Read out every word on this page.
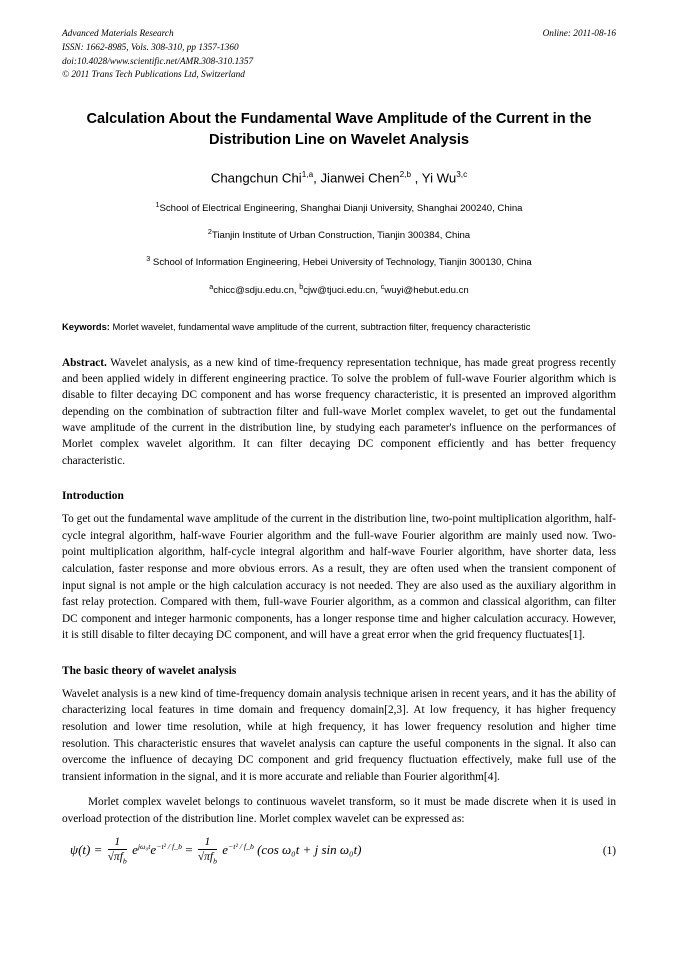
Advanced Materials Research
ISSN: 1662-8985, Vols. 308-310, pp 1357-1360
doi:10.4028/www.scientific.net/AMR.308-310.1357
© 2011 Trans Tech Publications Ltd, Switzerland
Online: 2011-08-16
Calculation About the Fundamental Wave Amplitude of the Current in the Distribution Line on Wavelet Analysis
Changchun Chi$^{1,a}$, Jianwei Chen$^{2,b}$ , Yi Wu$^{3,c}$
$^1$School of Electrical Engineering, Shanghai Dianji University, Shanghai 200240, China
$^2$Tianjin Institute of Urban Construction, Tianjin 300384, China
$^3$ School of Information Engineering, Hebei University of Technology, Tianjin 300130, China
$^a$chicc@sdju.edu.cn, $^b$cjw@tjuci.edu.cn, $^c$wuyi@hebut.edu.cn
Keywords: Morlet wavelet, fundamental wave amplitude of the current, subtraction filter, frequency characteristic
Abstract. Wavelet analysis, as a new kind of time-frequency representation technique, has made great progress recently and been applied widely in different engineering practice. To solve the problem of full-wave Fourier algorithm which is disable to filter decaying DC component and has worse frequency characteristic, it is presented an improved algorithm depending on the combination of subtraction filter and full-wave Morlet complex wavelet, to get out the fundamental wave amplitude of the current in the distribution line, by studying each parameter's influence on the performances of Morlet complex wavelet algorithm. It can filter decaying DC component efficiently and has better frequency characteristic.
Introduction
To get out the fundamental wave amplitude of the current in the distribution line, two-point multiplication algorithm, half-cycle integral algorithm, half-wave Fourier algorithm and the full-wave Fourier algorithm are mainly used now. Two-point multiplication algorithm, half-cycle integral algorithm and half-wave Fourier algorithm, have shorter data, less calculation, faster response and more obvious errors. As a result, they are often used when the transient component of input signal is not ample or the high calculation accuracy is not needed. They are also used as the auxiliary algorithm in fast relay protection. Compared with them, full-wave Fourier algorithm, as a common and classical algorithm, can filter DC component and integer harmonic components, has a longer response time and higher calculation accuracy. However, it is still disable to filter decaying DC component, and will have a great error when the grid frequency fluctuates[1].
The basic theory of wavelet analysis
Wavelet analysis is a new kind of time-frequency domain analysis technique arisen in recent years, and it has the ability of characterizing local features in time domain and frequency domain[2,3]. At low frequency, it has higher frequency resolution and lower time resolution, while at high frequency, it has lower frequency resolution and higher time resolution. This characteristic ensures that wavelet analysis can capture the useful components in the signal. It also can overcome the influence of decaying DC component and grid frequency fluctuation effectively, make full use of the transient information in the signal, and it is more accurate and reliable than Fourier algorithm[4].
Morlet complex wavelet belongs to continuous wavelet transform, so it must be made discrete when it is used in overload protection of the distribution line. Morlet complex wavelet can be expressed as:
$\psi(t) = \frac{1}{√\pi f_b} e^{j\omega_0t}e^{-t^2 / f\_b} = \frac{1}{√\pi f_b} e^{-t^2 / f\_b}$ (cos ω₀t + j sin ω₀t)	(1)
